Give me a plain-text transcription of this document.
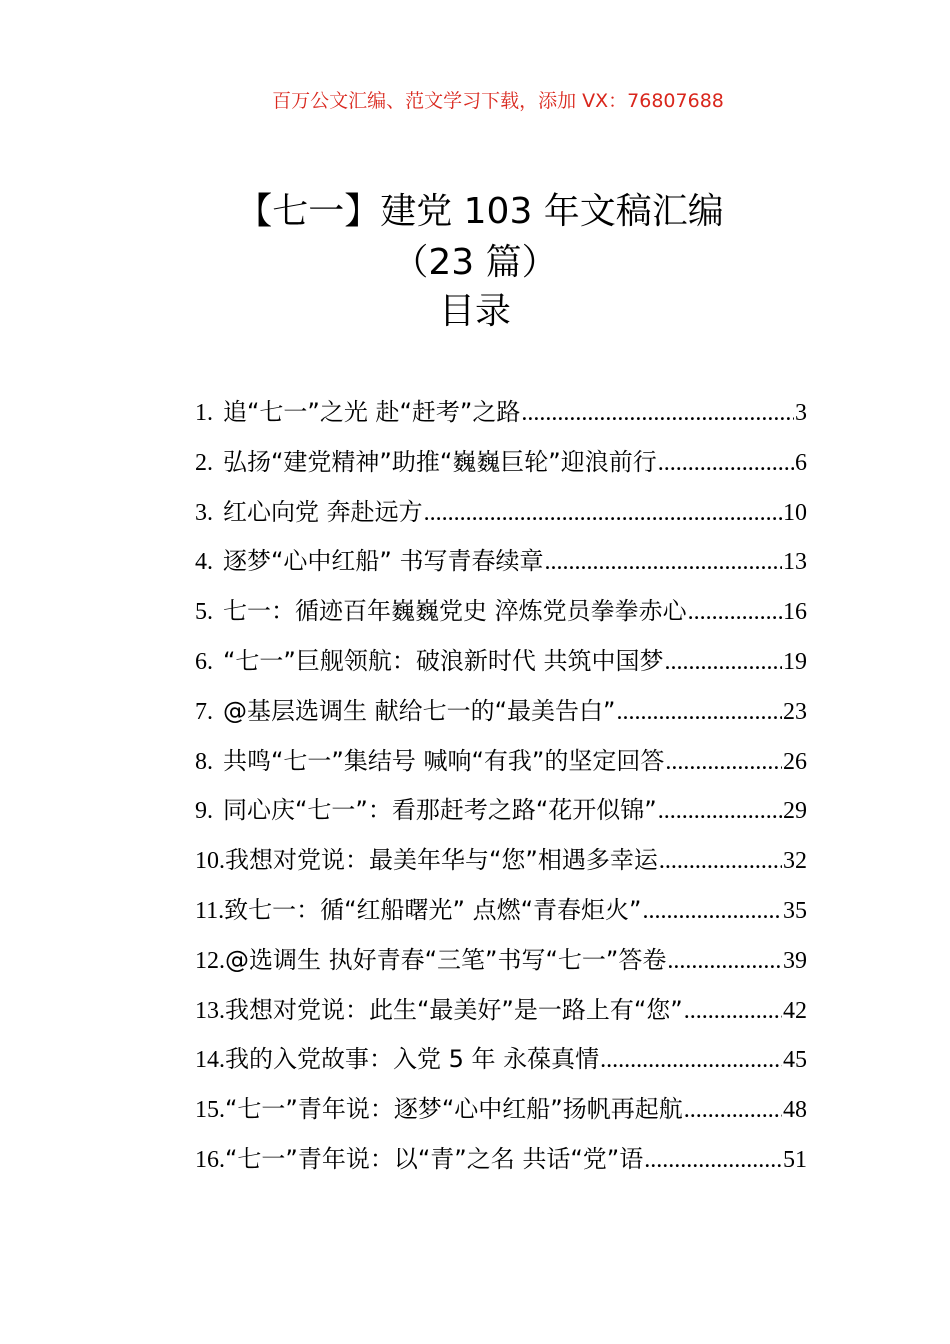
百万公文汇编、范文学习下载，添加 VX：76807688
【七一】建党 103 年文稿汇编
（23 篇）
目录
1. 追“七一”之光 赴“赶考”之路 .....	3
2. 弘扬“建党精神”助推“巍巍巨轮”迎浪前行 .....	6
3. 红心向党 奔赴远方 .....	10
4. 逐梦“心中红船” 书写青春续章 .....	13
5. 七一：循迹百年巍巍党史 淬炼党员拳拳赤心 .....	16
6. “七一”巨舰领航：破浪新时代 共筑中国梦 .....	19
7. @基层选调生 献给七一的“最美告白” .....	23
8. 共鸣“七一”集结号 喊响“有我”的坚定回答 .....	26
9. 同心庆“七一”：看那赶考之路“花开似锦” .....	29
10. 我想对党说：最美年华与“您”相遇多幸运 .....	32
11. 致七一：循“红船曙光” 点燃“青春炬火” .....	35
12. @选调生 执好青春“三笔”书写“七一”答卷 .....	39
13. 我想对党说：此生“最美好”是一路上有“您” .....	42
14. 我的入党故事：入党 5 年 永葆真情 .....	45
15. “七一”青年说：逐梦“心中红船”扬帆再起航 .....	48
16. “七一”青年说：以“青”之名 共话“党”语 .....	51
